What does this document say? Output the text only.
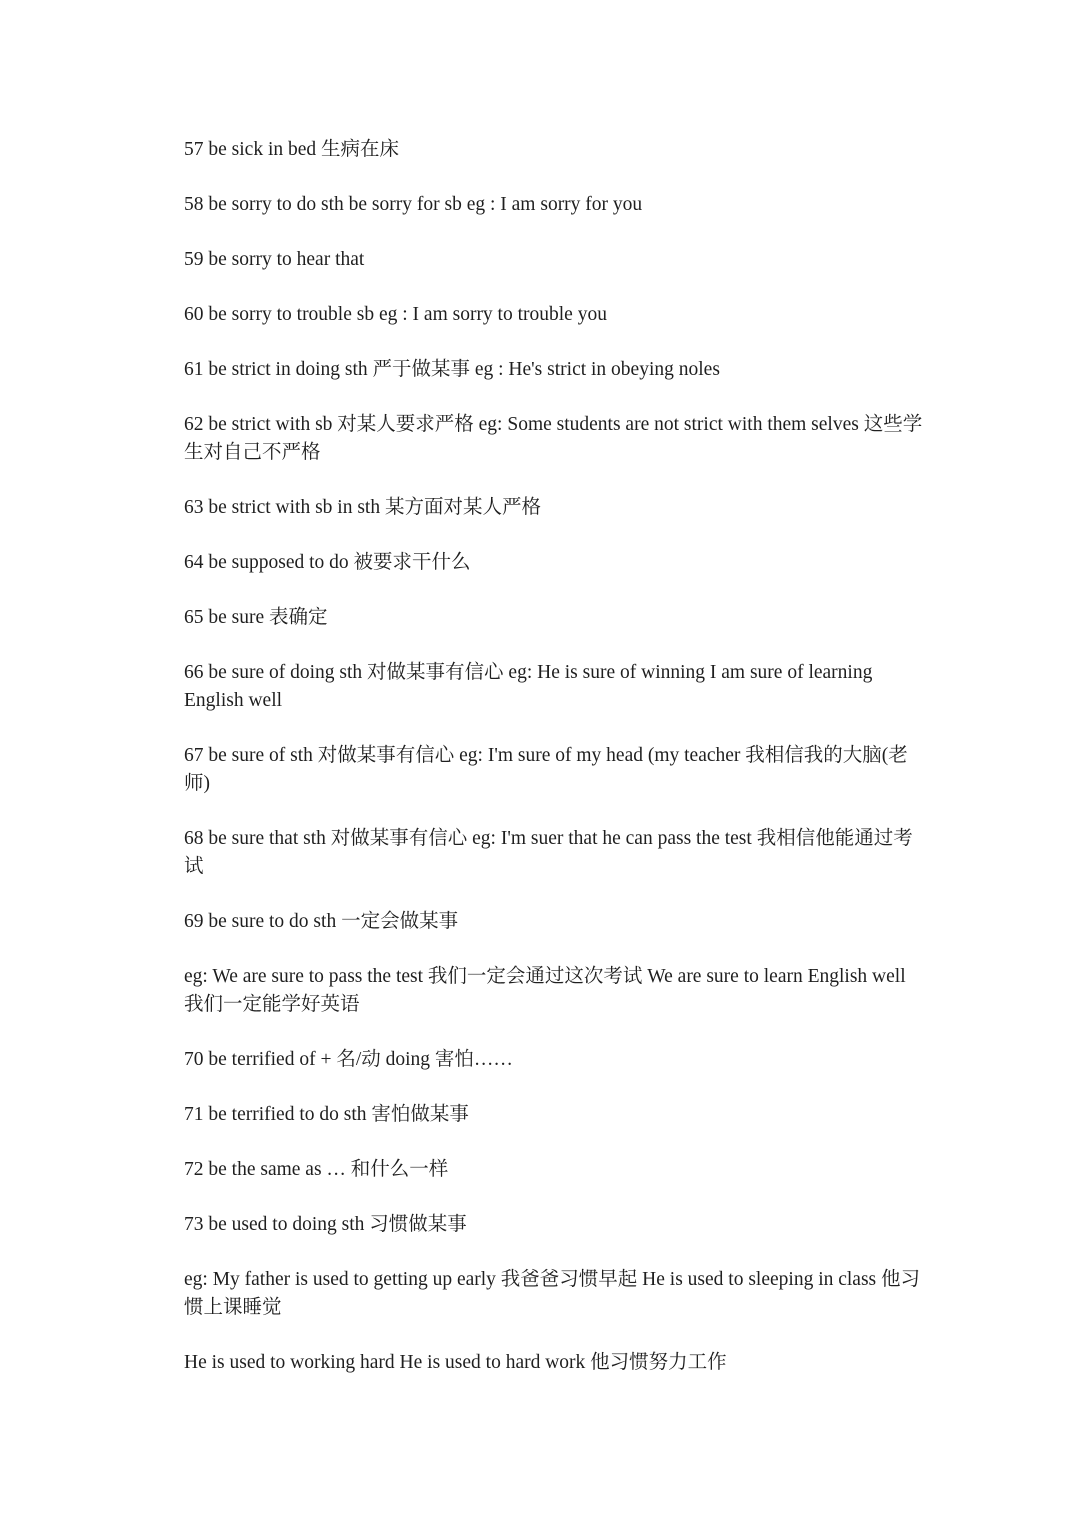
57 be sick in bed 生病在床

58 be sorry to do sth be sorry for sb eg : I am sorry for you

59 be sorry to hear that

60 be sorry to trouble sb eg : I am sorry to trouble you

61 be strict in doing sth 严于做某事 eg : He's strict in obeying noles

62 be strict with sb 对某人要求严格 eg: Some students are not strict with them selves 这些学生对自己不严格

63 be strict with sb in sth 某方面对某人严格

64 be supposed to do 被要求干什么

65 be sure 表确定

66 be sure of doing sth 对做某事有信心 eg: He is sure of winning I am sure of learning English well

67 be sure of sth 对做某事有信心 eg: I'm sure of my head (my teacher 我相信我的大脑(老师)

68 be sure that sth 对做某事有信心 eg: I'm suer that he can pass the test 我相信他能通过考试

69 be sure to do sth 一定会做某事

eg: We are sure to pass the test 我们一定会通过这次考试 We are sure to learn English well 我们一定能学好英语

70 be terrified of + 名/动 doing 害怕……

71 be terrified to do sth 害怕做某事

72 be the same as … 和什么一样

73 be used to doing sth 习惯做某事

eg: My father is used to getting up early 我爸爸习惯早起 He is used to sleeping in class 他习惯上课睡觉

He is used to working hard He is used to hard work 他习惯努力工作
